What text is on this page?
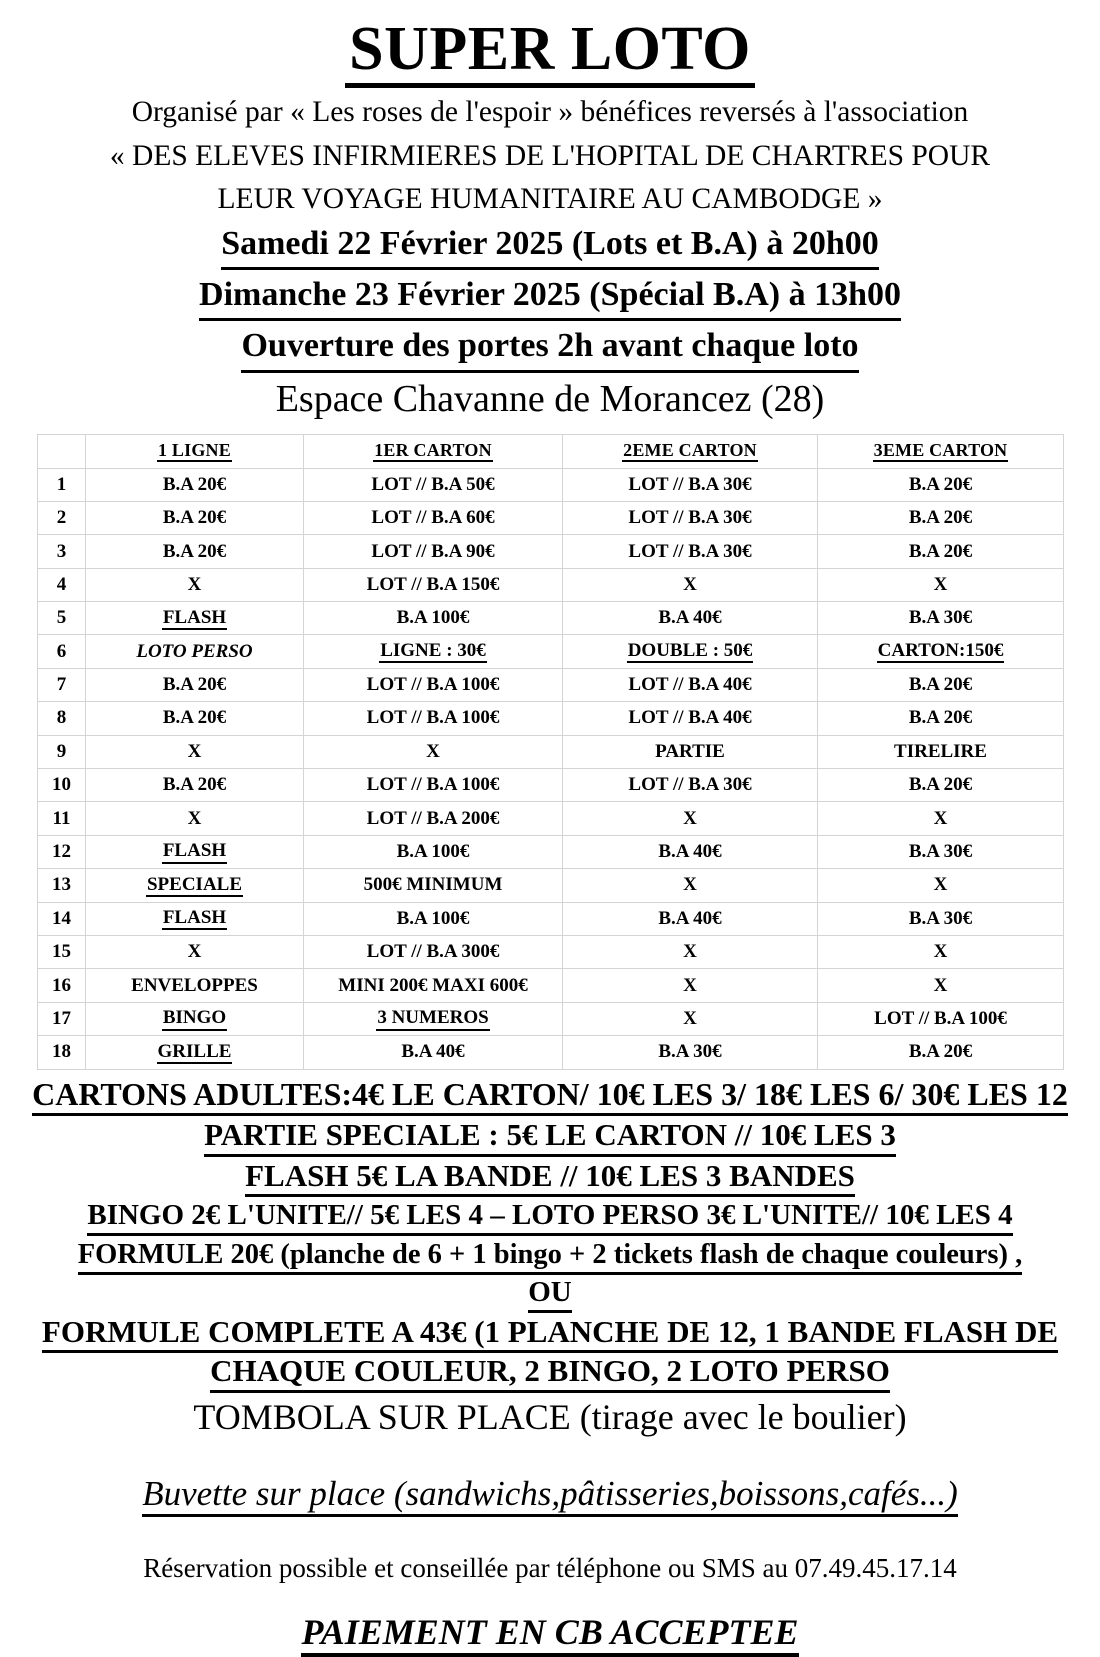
SUPER LOTO

Organisé par « Les roses de l'espoir » bénéfices reversés à l'association

« DES ELEVES INFIRMIERES DE L'HOPITAL DE CHARTRES POUR

LEUR VOYAGE HUMANITAIRE AU CAMBODGE »

Samedi 22 Février 2025 (Lots et B.A) à 20h00

Dimanche 23 Février 2025 (Spécial B.A) à 13h00

Ouverture des portes 2h avant chaque loto

Espace Chavanne de Morancez (28)

	1 LIGNE	1ER CARTON	2EME CARTON	3EME CARTON
1	B.A 20€	LOT // B.A 50€	LOT // B.A 30€	B.A 20€
2	B.A 20€	LOT // B.A 60€	LOT // B.A 30€	B.A 20€
3	B.A 20€	LOT // B.A 90€	LOT // B.A 30€	B.A 20€
4	X	LOT // B.A 150€	X	X
5	FLASH	B.A 100€	B.A 40€	B.A 30€
6	LOTO PERSO	LIGNE : 30€	DOUBLE : 50€	CARTON:150€
7	B.A 20€	LOT // B.A 100€	LOT // B.A 40€	B.A 20€
8	B.A 20€	LOT // B.A 100€	LOT // B.A 40€	B.A 20€
9	X	X	PARTIE	TIRELIRE
10	B.A 20€	LOT // B.A 100€	LOT // B.A 30€	B.A 20€
11	X	LOT // B.A 200€	X	X
12	FLASH	B.A 100€	B.A 40€	B.A 30€
13	SPECIALE	500€ MINIMUM	X	X
14	FLASH	B.A 100€	B.A 40€	B.A 30€
15	X	LOT // B.A 300€	X	X
16	ENVELOPPES	MINI 200€ MAXI 600€	X	X
17	BINGO	3 NUMEROS	X	LOT // B.A 100€
18	GRILLE	B.A 40€	B.A 30€	B.A 20€

CARTONS ADULTES:4€ LE CARTON/ 10€ LES 3/ 18€ LES 6/ 30€ LES 12

PARTIE SPECIALE : 5€ LE CARTON // 10€ LES 3

FLASH 5€ LA BANDE // 10€ LES 3 BANDES

BINGO 2€ L'UNITE// 5€ LES 4 – LOTO PERSO 3€ L'UNITE// 10€ LES 4

FORMULE 20€ (planche de 6 + 1 bingo + 2 tickets flash de chaque couleurs) ,

OU

FORMULE COMPLETE A 43€ (1 PLANCHE DE 12, 1 BANDE FLASH DE

CHAQUE COULEUR, 2 BINGO, 2 LOTO PERSO

TOMBOLA SUR PLACE (tirage avec le boulier)

Buvette sur place (sandwichs,pâtisseries,boissons,cafés...)

Réservation possible et conseillée par téléphone ou SMS au 07.49.45.17.14

PAIEMENT EN CB ACCEPTEE
